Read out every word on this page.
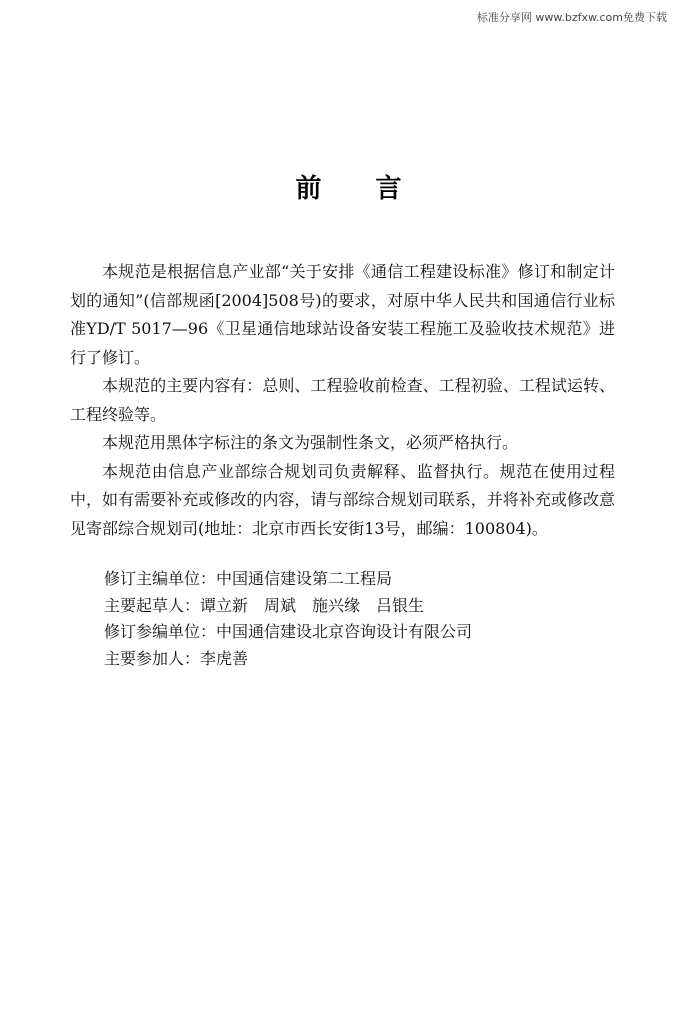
标准分享网 www.bzfxw.com免费下载
前言

本规范是根据信息产业部“关于安排《通信工程建设标准》修订和制定计划的通知”(信部规函[2004]508号)的要求，对原中华人民共和国通信行业标准YD/T 5017—96《卫星通信地球站设备安装工程施工及验收技术规范》进行了修订。

本规范的主要内容有：总则、工程验收前检查、工程初验、工程试运转、工程终验等。

本规范用黑体字标注的条文为强制性条文，必须严格执行。

本规范由信息产业部综合规划司负责解释、监督执行。规范在使用过程中，如有需要补充或修改的内容，请与部综合规划司联系，并将补充或修改意见寄部综合规划司(地址：北京市西长安街13号，邮编：100804)。

修订主编单位：中国通信建设第二工程局
主要起草人：谭立新　周斌　施兴缘　吕银生
修订参编单位：中国通信建设北京咨询设计有限公司
主要参加人：李虎善
